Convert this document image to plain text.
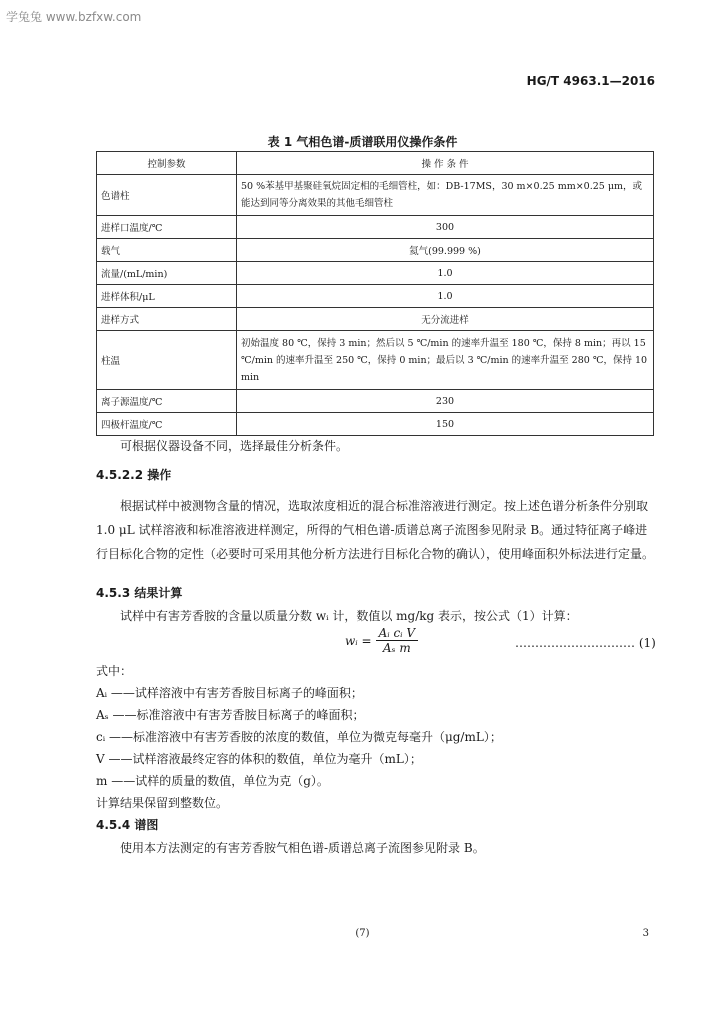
学兔兔 www.bzfxw.com
HG/T 4963.1—2016
表 1 气相色谱-质谱联用仪操作条件
控制参数	操 作 条 件
色谱柱	50 %苯基甲基聚硅氧烷固定相的毛细管柱，如：DB-17MS，30 m×0.25 mm×0.25 μm，或能达到同等分离效果的其他毛细管柱
进样口温度/℃	300
载气	氦气(99.999 %)
流量/(mL/min)	1.0
进样体积/μL	1.0
进样方式	无分流进样
柱温	初始温度 80 ℃，保持 3 min；然后以 5 ℃/min 的速率升温至 180 ℃，保持 8 min；再以 15 ℃/min 的速率升温至 250 ℃，保持 0 min；最后以 3 ℃/min 的速率升温至 280 ℃，保持 10 min
离子源温度/℃	230
四极杆温度/℃	150
可根据仪器设备不同，选择最佳分析条件。
4.5.2.2 操作
根据试样中被测物含量的情况，选取浓度相近的混合标准溶液进行测定。按上述色谱分析条件分别取 1.0 μL 试样溶液和标准溶液进样测定，所得的气相色谱-质谱总离子流图参见附录 B。通过特征离子峰进行目标化合物的定性（必要时可采用其他分析方法进行目标化合物的确认），使用峰面积外标法进行定量。
4.5.3 结果计算
试样中有害芳香胺的含量以质量分数 wᵢ 计，数值以 mg/kg 表示，按公式（1）计算：
wᵢ = $\frac{\text{Aᵢ cᵢ V}}{\text{Aₛ m}}$	………………………… (1)
式中：
Aᵢ ——试样溶液中有害芳香胺目标离子的峰面积；
Aₛ ——标准溶液中有害芳香胺目标离子的峰面积；
cᵢ ——标准溶液中有害芳香胺的浓度的数值，单位为微克每毫升（μg/mL）；
V ——试样溶液最终定容的体积的数值，单位为毫升（mL）；
m ——试样的质量的数值，单位为克（g）。
计算结果保留到整数位。
4.5.4 谱图
使用本方法测定的有害芳香胺气相色谱-质谱总离子流图参见附录 B。
(7)	3
